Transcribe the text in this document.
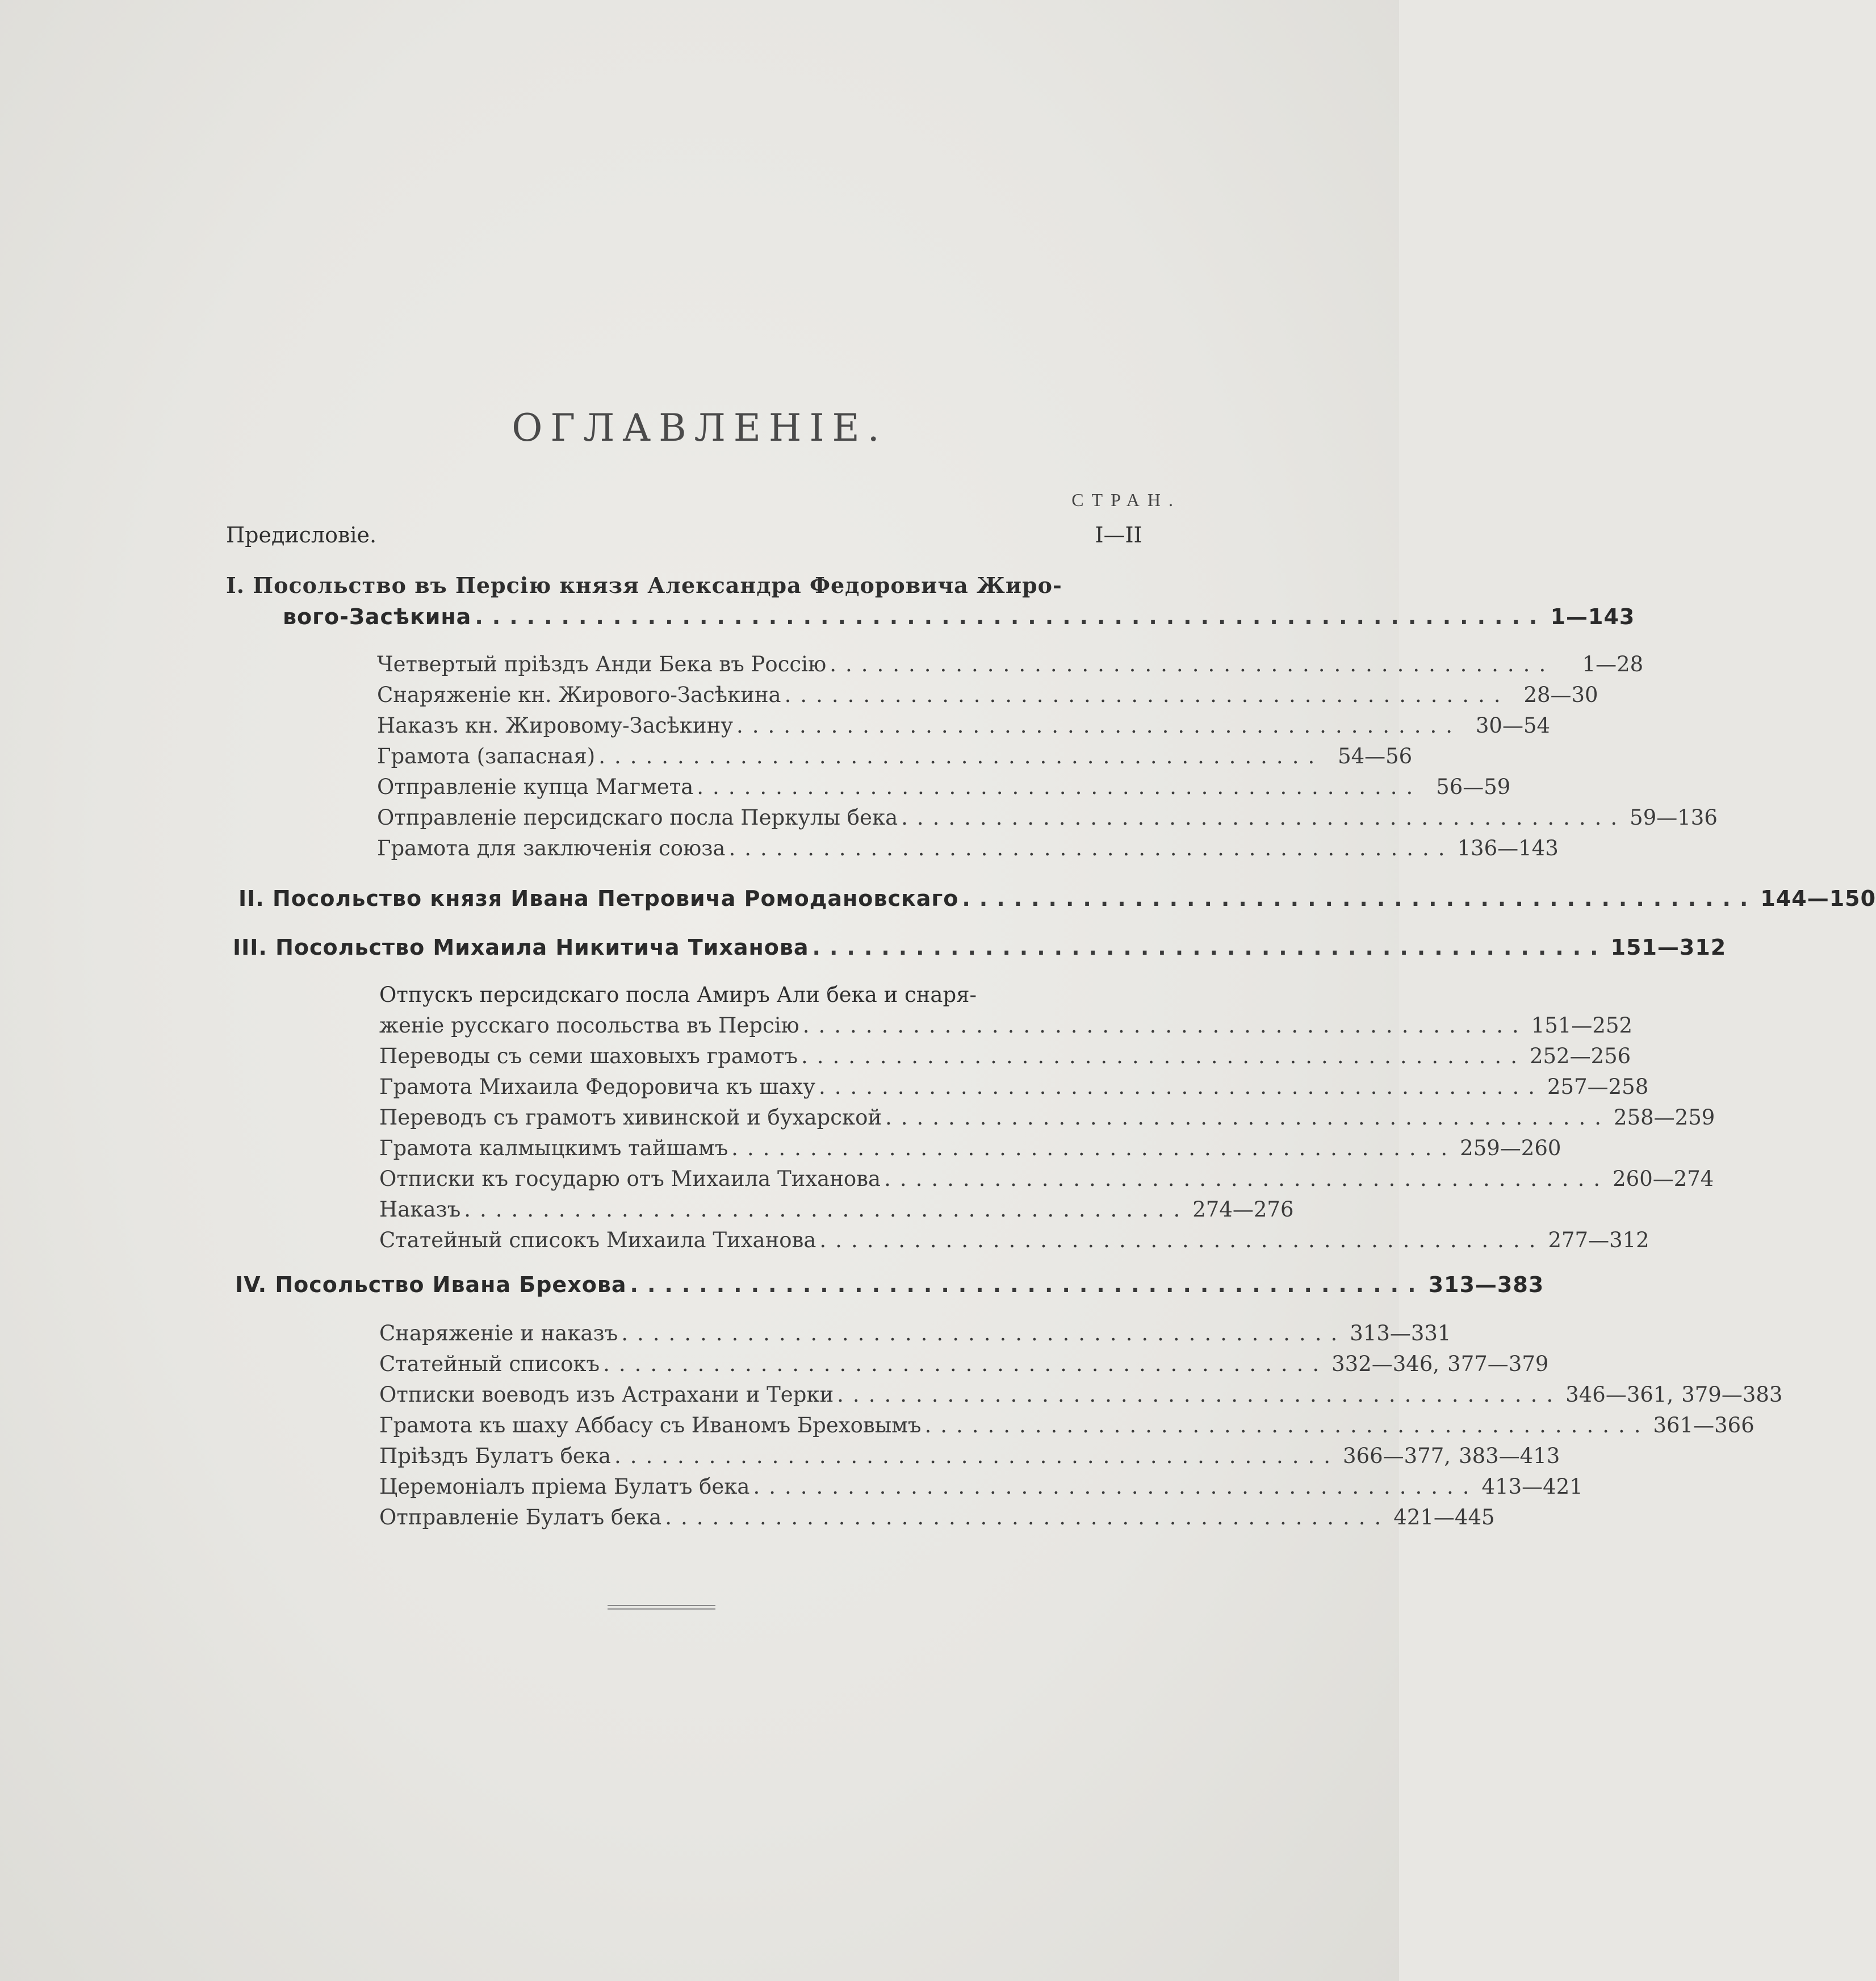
ОГЛАВЛЕНІЕ.
СТРАН.
Предисловіе.	I—II
I. Посольство въ Персію князя Александра Федоровича Жиро-
вого-Засѣкина .............................................................. 1—143
Четвертый пріѣздъ Анди Бека въ Россію ..............................................	1—28
Снаряженіе кн. Жирового-Засѣкина .............................................. 28—30
Наказъ кн. Жировому-Засѣкину .............................................. 30—54
Грамота (запасная) .............................................. 54—56
Отправленіе купца Магмета .............................................. 56—59
Отправленіе персидскаго посла Перкулы бека .............................................. 59—136
Грамота для заключенія союза .............................................. 136—143
II. Посольство князя Ивана Петровича Ромодановскаго .............................................. 144—150
III. Посольство Михаила Никитича Тиханова .............................................. 151—312
Отпускъ персидскаго посла Амиръ Али бека и снаря-
женіе русскаго посольства въ Персію .............................................. 151—252
Переводы съ семи шаховыхъ грамотъ .............................................. 252—256
Грамота Михаила Федоровича къ шаху .............................................. 257—258
Переводъ съ грамотъ хивинской и бухарской .............................................. 258—259
Грамота калмыцкимъ тайшамъ .............................................. 259—260
Отписки къ государю отъ Михаила Тиханова .............................................. 260—274
Наказъ .............................................. 274—276
Статейный списокъ Михаила Тиханова .............................................. 277—312
IV. Посольство Ивана Брехова .............................................. 313—383
Снаряженіе и наказъ .............................................. 313—331
Статейный списокъ .............................................. 332—346, 377—379
Отписки воеводъ изъ Астрахани и Терки .............................................. 346—361, 379—383
Грамота къ шаху Аббасу съ Иваномъ Бреховымъ .............................................. 361—366
Пріѣздъ Булатъ бека .............................................. 366—377, 383—413
Церемоніалъ пріема Булатъ бека .............................................. 413—421
Отправленіе Булатъ бека .............................................. 421—445
